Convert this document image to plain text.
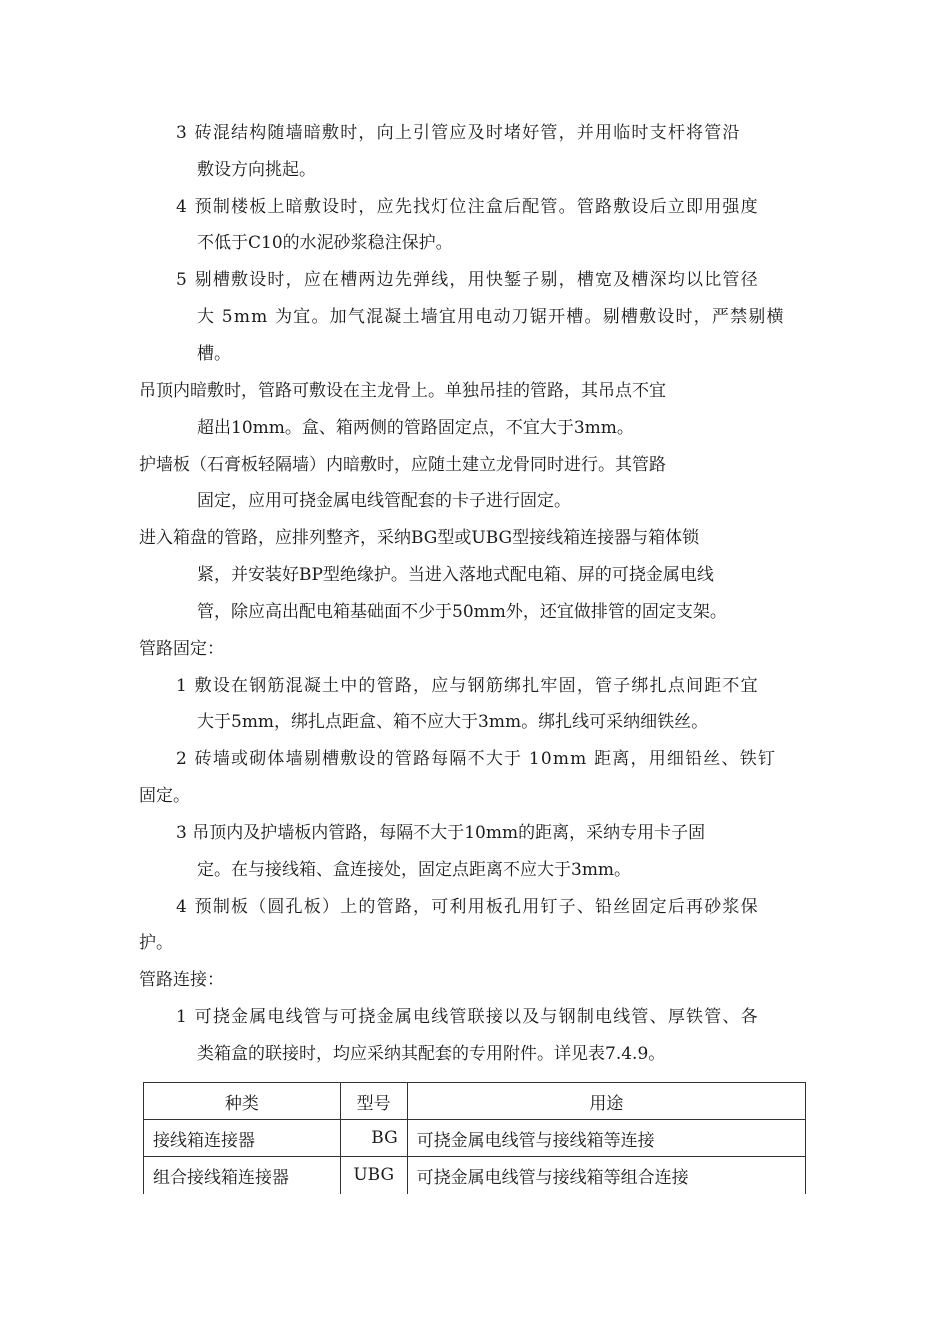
3 砖混结构随墙暗敷时，向上引管应及时堵好管，并用临时支杆将管沿
敷设方向挑起。
4 预制楼板上暗敷设时，应先找灯位注盒后配管。管路敷设后立即用强度
不低于C10的水泥砂浆稳注保护。
5 剔槽敷设时，应在槽两边先弹线，用快錾子剔，槽宽及槽深均以比管径
大 5mm 为宜。加气混凝土墙宜用电动刀锯开槽。剔槽敷设时，严禁剔横
槽。
吊顶内暗敷时，管路可敷设在主龙骨上。单独吊挂的管路，其吊点不宜
超出10mm。盒、箱两侧的管路固定点，不宜大于3mm。
护墙板（石膏板轻隔墙）内暗敷时，应随土建立龙骨同时进行。其管路
固定，应用可挠金属电线管配套的卡子进行固定。
进入箱盘的管路，应排列整齐，采纳BG型或UBG型接线箱连接器与箱体锁
紧，并安装好BP型绝缘护。当进入落地式配电箱、屏的可挠金属电线
管，除应高出配电箱基础面不少于50mm外，还宜做排管的固定支架。
管路固定：
1 敷设在钢筋混凝土中的管路，应与钢筋绑扎牢固，管子绑扎点间距不宜
大于5mm，绑扎点距盒、箱不应大于3mm。绑扎线可采纳细铁丝。
2 砖墙或砌体墙剔槽敷设的管路每隔不大于 10mm 距离，用细铅丝、铁钉
固定。
3 吊顶内及护墙板内管路，每隔不大于10mm的距离，采纳专用卡子固
定。在与接线箱、盒连接处，固定点距离不应大于3mm。
4 预制板（圆孔板）上的管路，可利用板孔用钉子、铅丝固定后再砂浆保
护。
管路连接：
1 可挠金属电线管与可挠金属电线管联接以及与钢制电线管、厚铁管、各
类箱盒的联接时，均应采纳其配套的专用附件。详见表7.4.9。
种类	型号	用途
接线箱连接器	BG	可挠金属电线管与接线箱等连接
组合接线箱连接器	UBG	可挠金属电线管与接线箱等组合连接
